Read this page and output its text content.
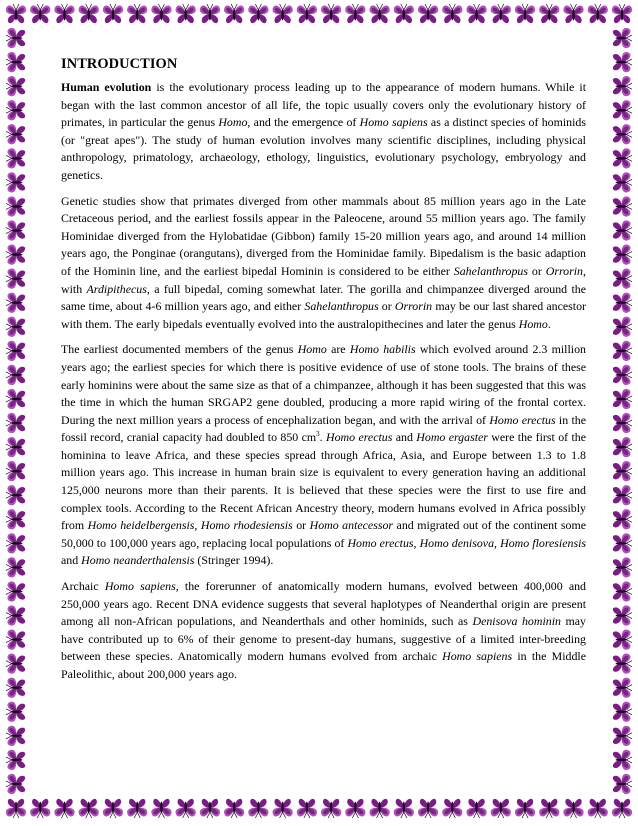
INTRODUCTION

Human evolution is the evolutionary process leading up to the appearance of modern humans. While it began with the last common ancestor of all life, the topic usually covers only the evolutionary history of primates, in particular the genus Homo, and the emergence of Homo sapiens as a distinct species of hominids (or "great apes"). The study of human evolution involves many scientific disciplines, including physical anthropology, primatology, archaeology, ethology, linguistics, evolutionary psychology, embryology and genetics.

Genetic studies show that primates diverged from other mammals about 85 million years ago in the Late Cretaceous period, and the earliest fossils appear in the Paleocene, around 55 million years ago. The family Hominidae diverged from the Hylobatidae (Gibbon) family 15-20 million years ago, and around 14 million years ago, the Ponginae (orangutans), diverged from the Hominidae family. Bipedalism is the basic adaption of the Hominin line, and the earliest bipedal Hominin is considered to be either Sahelanthropus or Orrorin, with Ardipithecus, a full bipedal, coming somewhat later. The gorilla and chimpanzee diverged around the same time, about 4-6 million years ago, and either Sahelanthropus or Orrorin may be our last shared ancestor with them. The early bipedals eventually evolved into the australopithecines and later the genus Homo.

The earliest documented members of the genus Homo are Homo habilis which evolved around 2.3 million years ago; the earliest species for which there is positive evidence of use of stone tools. The brains of these early hominins were about the same size as that of a chimpanzee, although it has been suggested that this was the time in which the human SRGAP2 gene doubled, producing a more rapid wiring of the frontal cortex. During the next million years a process of encephalization began, and with the arrival of Homo erectus in the fossil record, cranial capacity had doubled to 850 $cm^3$. Homo erectus and Homo ergaster were the first of the hominina to leave Africa, and these species spread through Africa, Asia, and Europe between 1.3 to 1.8 million years ago. This increase in human brain size is equivalent to every generation having an additional 125,000 neurons more than their parents. It is believed that these species were the first to use fire and complex tools. According to the Recent African Ancestry theory, modern humans evolved in Africa possibly from Homo heidelbergensis, Homo rhodesiensis or Homo antecessor and migrated out of the continent some 50,000 to 100,000 years ago, replacing local populations of Homo erectus, Homo denisova, Homo floresiensis and Homo neanderthalensis (Stringer 1994).

Archaic Homo sapiens, the forerunner of anatomically modern humans, evolved between 400,000 and 250,000 years ago. Recent DNA evidence suggests that several haplotypes of Neanderthal origin are present among all non-African populations, and Neanderthals and other hominids, such as Denisova hominin may have contributed up to 6% of their genome to present-day humans, suggestive of a limited inter-breeding between these species. Anatomically modern humans evolved from archaic Homo sapiens in the Middle Paleolithic, about 200,000 years ago.
